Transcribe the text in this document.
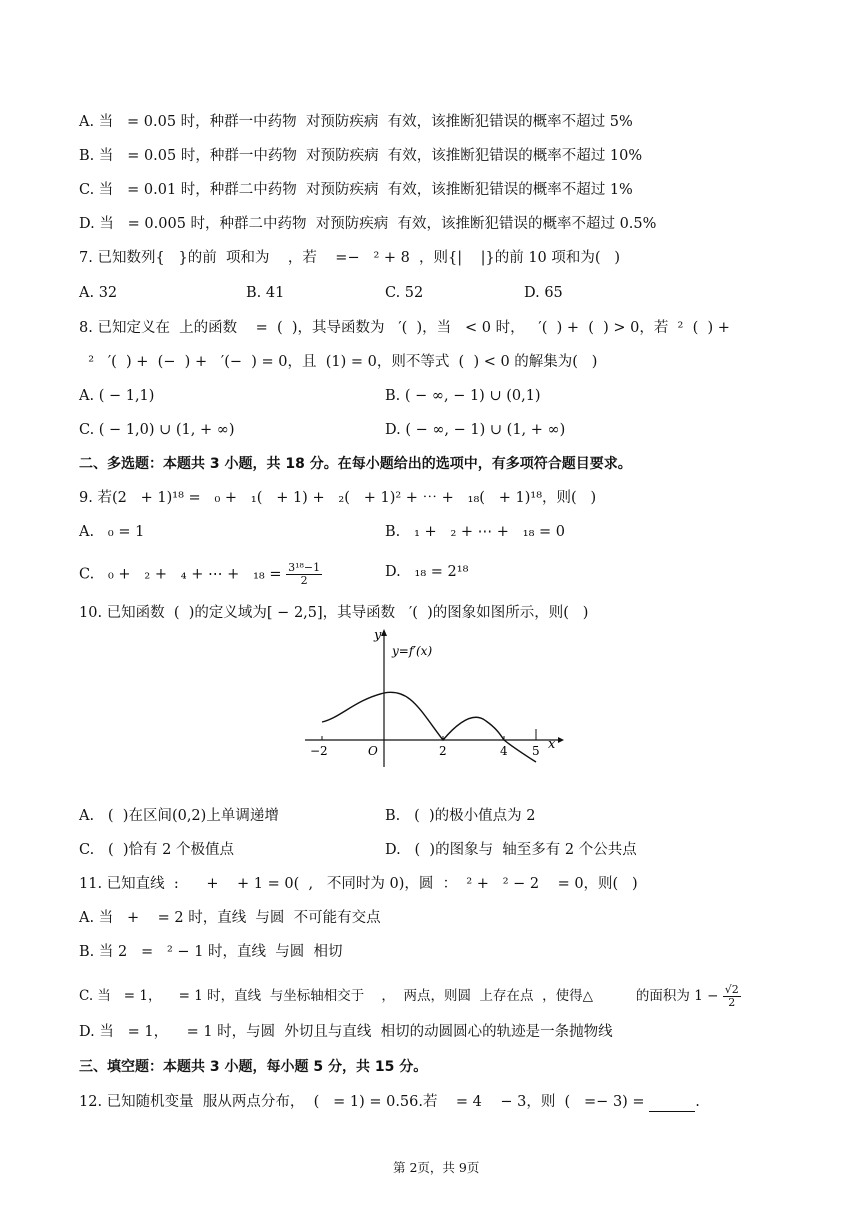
A. 当   = 0.05 时，种群一中药物  对预防疾病  有效，该推断犯错误的概率不超过 5%
B. 当   = 0.05 时，种群一中药物  对预防疾病  有效，该推断犯错误的概率不超过 10%
C. 当   = 0.01 时，种群二中药物  对预防疾病  有效，该推断犯错误的概率不超过 1%
D. 当   = 0.005 时，种群二中药物  对预防疾病  有效，该推断犯错误的概率不超过 0.5%
7. 已知数列{   }的前  项和为    ，若    =−   ² + 8  ，则{|    |}的前 10 项和为(   )
A. 32	B. 41	C. 52	D. 65
8. 已知定义在  上的函数    =  (  )，其导函数为   ′(  )，当   < 0 时，   ′(  ) +  (  ) > 0，若  ²  (  ) +
²   ′(  ) +  (−  ) +   ′(−  ) = 0，且  (1) = 0，则不等式  (  ) < 0 的解集为(   )
A. ( − 1,1)	B. ( − ∞, − 1) ∪ (0,1)
C. ( − 1,0) ∪ (1, + ∞)	D. ( − ∞, − 1) ∪ (1, + ∞)
二、多选题：本题共 3 小题，共 18 分。在每小题给出的选项中，有多项符合题目要求。
9. 若(2   + 1)¹⁸ =   ₀ +   ₁(   + 1) +   ₂(   + 1)² + ⋯ +   ₁₈(   + 1)¹⁸，则(   )
A.   ₀ = 1	B.   ₁ +   ₂ + ⋯ +   ₁₈ = 0
C.   ₀ +   ₂ +   ₄ + ⋯ +   $_{18} = \frac{\text{3¹⁸−1}}{2}$	D.   ₁₈ = 2¹⁸
10. 已知函数  (  )的定义域为[ − 2,5]，其导函数   ′(  )的图象如图所示，则(   )
y
y=f′(x)
x
O
−2	2	4 5
A.   (  )在区间(0,2)上单调递增	B.   (  )的极小值点为 2
C.   (  )恰有 2 个极值点	D.   (  )的图象与  轴至多有 2 个公共点
11. 已知直线  :      +    + 1 = 0(  ,   不同时为 0)，圆  ：  ² +   ² − 2    = 0，则(   )
A. 当   +    = 2 时，直线  与圆  不可能有交点
B. 当 2   =   ² − 1 时，直线  与圆  相切
C. 当   = 1，    = 1 时，直线  与坐标轴相交于    ，  两点，则圆  上存在点  ，使得△          的面积为 $1 - \frac{√2}{2}$
D. 当   = 1，    = 1 时，与圆  外切且与直线  相切的动圆圆心的轨迹是一条抛物线
三、填空题：本题共 3 小题，每小题 5 分，共 15 分。
12. 已知随机变量  服从两点分布，  (   = 1) = 0.56.若    = 4    − 3，则  (   =− 3) =	.
第 2页，共 9页
